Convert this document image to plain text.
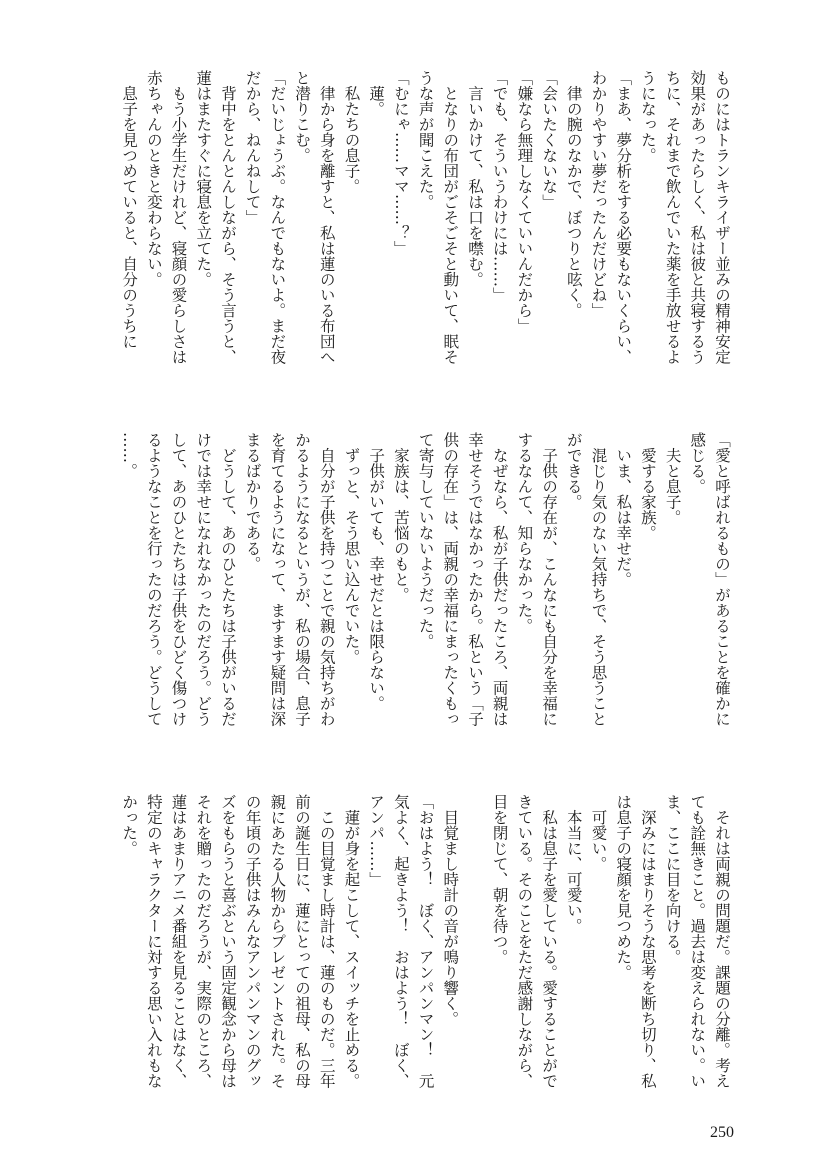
ものにはトランキライザー並みの精神安定
効果があったらしく、私は彼と共寝するう
ちに、それまで飲んでいた薬を手放せるよ
うになった。
「まあ、夢分析をする必要もないくらい、
わかりやすい夢だったんだけどね」
　律の腕のなかで、ぼつりと呟く。
「会いたくないな」
「嫌なら無理しなくていいんだから」
「でも、そういうわけには……」
　言いかけて、私は口を噤む。
　となりの布団がごそごそと動いて、眠そ
うな声が聞こえた。
「むにゃ……ママ……？」
　蓮。
　私たちの息子。
　律から身を離すと、私は蓮のいる布団へ
と潜りこむ。
「だいじょうぶ。なんでもないよ。まだ夜
だから、ねんねして」
　背中をとんとんしながら、そう言うと、
蓮はまたすぐに寝息を立てた。
　もう小学生だけれど、寝顔の愛らしさは
赤ちゃんのときと変わらない。
　息子を見つめていると、自分のうちに
「愛と呼ばれるもの」があることを確かに
感じる。
　夫と息子。
　愛する家族。
　いま、私は幸せだ。
　混じり気のない気持ちで、そう思うこと
ができる。
　子供の存在が、こんなにも自分を幸福に
するなんて、知らなかった。
　なぜなら、私が子供だったころ、両親は
幸せそうではなかったから。私という「子
供の存在」は、両親の幸福にまったくもっ
て寄与していないようだった。
　家族は、苦悩のもと。
　子供がいても、幸せだとは限らない。
　ずっと、そう思い込んでいた。
　自分が子供を持つことで親の気持ちがわ
かるようになるというが、私の場合、息子
を育てるようになって、ますます疑問は深
まるばかりである。
　どうして、あのひとたちは子供がいるだ
けでは幸せになれなかったのだろう。どう
して、あのひとたちは子供をひどく傷つけ
るようなことを行ったのだろう。どうして
……。
　それは両親の問題だ。課題の分離。考え
ても詮無きこと。過去は変えられない。い
ま、ここに目を向ける。
　深みにはまりそうな思考を断ち切り、私
は息子の寝顔を見つめた。
　可愛い。
　本当に、可愛い。
　私は息子を愛している。愛することがで
きている。そのことをただ感謝しながら、
目を閉じて、朝を待つ。
　目覚まし時計の音が鳴り響く。
「おはよう！　ぼく、アンパンマン！　元
気よく、起きよう！　おはよう！　ぼく、
アンパ……」
　蓮が身を起こして、スイッチを止める。
　この目覚まし時計は、蓮のものだ。三年
前の誕生日に、蓮にとっての祖母、私の母
親にあたる人物からプレゼントされた。そ
の年頃の子供はみんなアンパンマンのグッ
ズをもらうと喜ぶという固定観念から母は
それを贈ったのだろうが、実際のところ、
蓮はあまりアニメ番組を見ることはなく、
特定のキャラクターに対する思い入れもな
かった。
250
